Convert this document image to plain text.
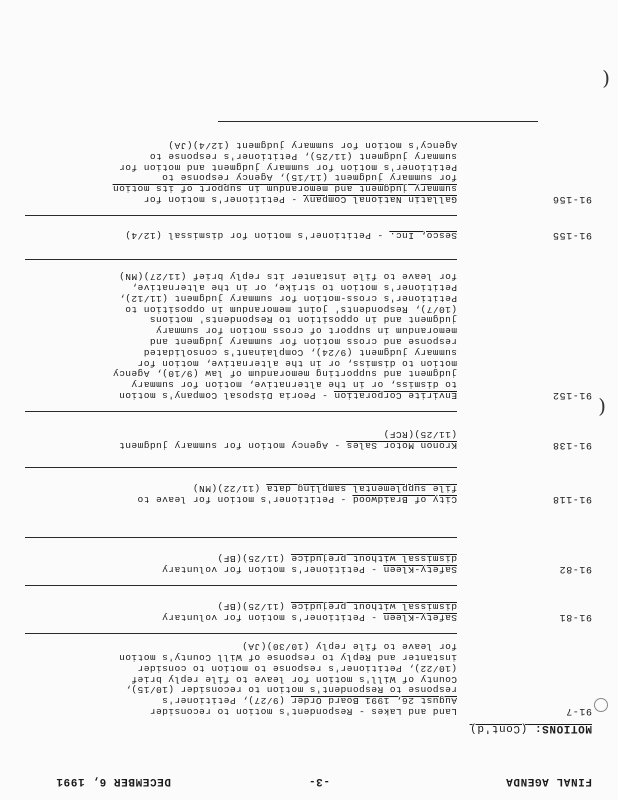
FINAL AGENDA
-3-
DECEMBER 6, 1991
MOTIONS: (Cont'd)
91-7
Land and Lakes - Respondent's motion to reconsider
August 26, 1991 Board Order (9/27), Petitioner's
response to Respondent's motion to reconsider (10/15),
County of Will's motion for leave to file reply brief
(10/22), Petitioner's response to motion to consider
instanter and Reply to response of Will County's motion
for leave to file reply (10/30)(JA)
91-81
Safety-Kleen - Petitioner's motion for voluntary
dismissal without prejudice (11/25)(BF)
91-82
Safety-Kleen - Petitioner's motion for voluntary
dismissal without prejudice (11/25)(BF)
91-118
City of Braidwood - Petitioner's motion for leave to
file supplemental sampling data (11/22)(MN)
91-138
Kronon Motor Sales - Agency motion for summary judgment
(11/25)(RCF)
91-152
Envirite Corporation - Peoria Disposal Company's motion
to dismiss, or in the alternative, motion for summary
judgment and supporting memorandum of law (9/10), Agency
motion to dismiss, or in the alternative, motion for
summary judgment (9/24), Complainant's consolidated
response and cross motion for summary judgment and
memorandum in support of cross motion for summary
judgment and in opposition to Respondents' motions
(10/7), Respondents' joint memorandum in opposition to
Petitioner's cross-motion for summary judgment (11/12),
Petitioner's motion to strike, or in the alternative,
for leave to file instanter its reply brief (11/27)(MN)
91-155
Sesco, Inc. - Petitioner's motion for dismissal (12/4)
91-156
Gallatin National Company - Petitioner's motion for
summary judgment and memorandum in support of its motion
for summary judgment (11/15), Agency response to
Petitioner's motion for summary judgment and motion for
summary judgment (11/25), Petitioner's response to
Agency's motion for summary judgment (12/4)(JA)
(
(
